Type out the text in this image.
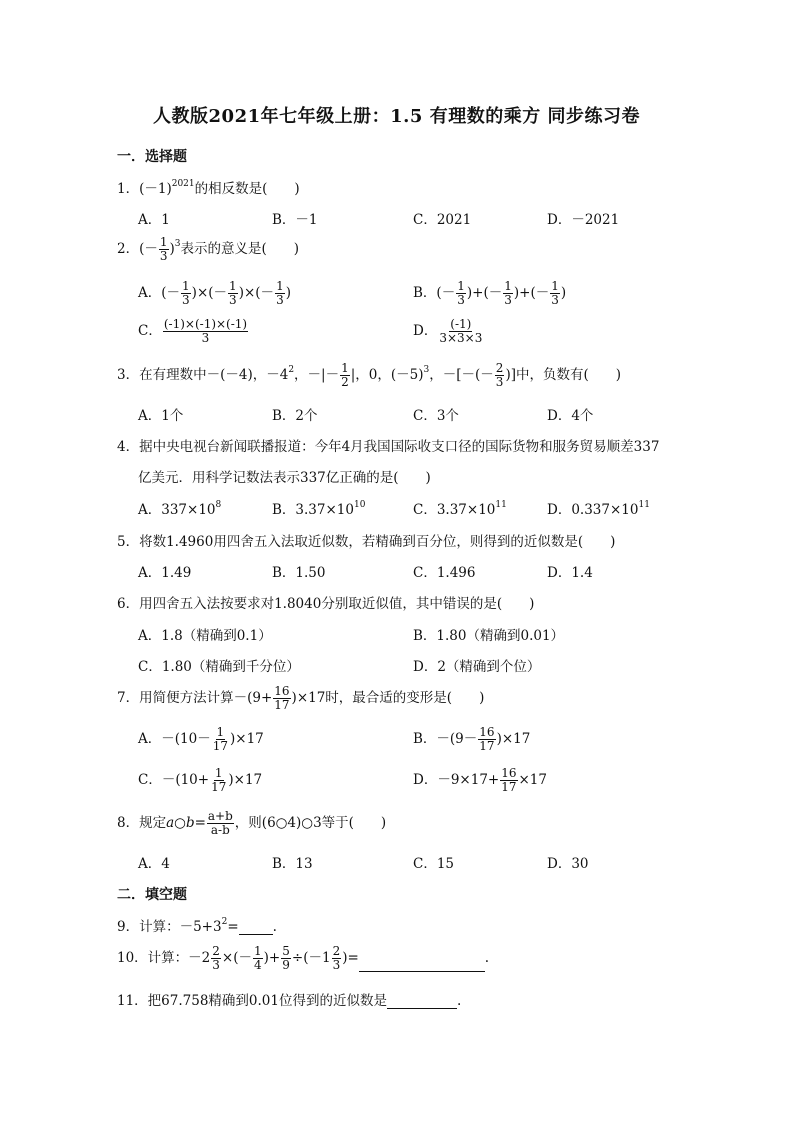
人教版2021年七年级上册：1.5 有理数的乘方 同步练习卷
一．选择题
1．$(-1)^{2021}$的相反数是(　　)
A．1	B．－1	C．2021	D．－2021
2．(－ $\frac{1}{3} )^3$表示的意义是(　　)
A．(－ $\frac{1}{3}$ )×(－ $\frac{1}{3}$ )×(－ $\frac{1}{3}$ )	B．(－ $\frac{1}{3}$ )+(－ $\frac{1}{3}$ )+(－ $\frac{1}{3}$ )
C． $\frac{(-1)\times(-1)\times(-1)}{3}$	D． $\frac{(-1)}{3\times 3\times 3}$
3．在有理数中－(－4)，$-4^2$，－|－ $\frac{1}{2}$ |，0，$(-5)^3$，－[－(－ $\frac{2}{3}$ )]中，负数有(　　)
A．1个	B．2个	C．3个	D．4个
4．据中央电视台新闻联播报道：今年4月我国国际收支口径的国际货物和服务贸易顺差337
亿美元．用科学记数法表示337亿正确的是(　　)
A．$337\times 10^8$	B．$3.37\times 10^{10}$	C．$3.37\times 10^{11}$	D．$0.337\times 10^{11}$
5．将数1.4960用四舍五入法取近似数，若精确到百分位，则得到的近似数是(　　)
A．1.49	B．1.50	C．1.496	D．1.4
6．用四舍五入法按要求对1.8040分别取近似值，其中错误的是(　　)
A．1.8（精确到0.1）	B．1.80（精确到0.01）
C．1.80（精确到千分位）	D．2（精确到个位）
7．用简便方法计算$-(9+ \frac{16}{17} )\times 17$时，最合适的变形是(　　)
A．$-(10- \frac{1}{17} )\times 17$	B．$-(9- \frac{16}{17} )\times 17$
C．$-(10+ \frac{1}{17} )\times 17$	D．$-9\times 17+ \frac{16}{17} \times 17$
8．规定a○b= $\frac{a+b}{a-b}$ ，则(6○4)○3等于(　　)
A．4	B．13	C．15	D．30
二．填空题
9．计算：$-5+3^2=$	.
10．计算：$-2 \frac{2}{3}$ ×(－ $\frac{1}{4}$ )+ $\frac{5}{9} \div(-1 \frac{2}{3}$ )=	.
11．把67.758精确到0.01位得到的近似数是	.
